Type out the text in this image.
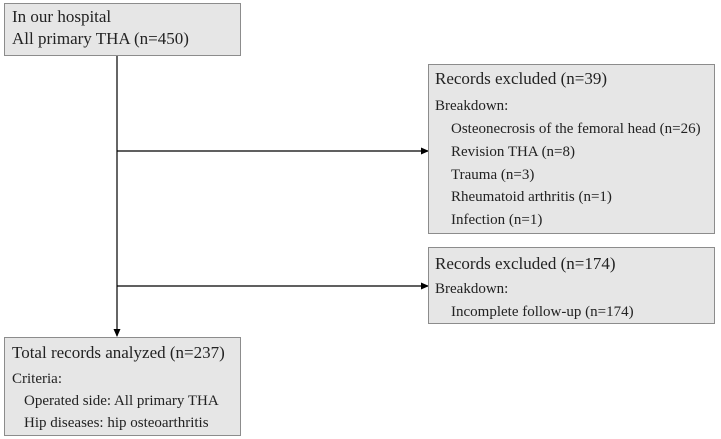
In our hospital
All primary THA (n=450)
Records excluded (n=39)
Breakdown:
Osteonecrosis of the femoral head (n=26)
Revision THA (n=8)
Trauma (n=3)
Rheumatoid arthritis (n=1)
Infection (n=1)
Records excluded (n=174)
Breakdown:
Incomplete follow-up (n=174)
Total records analyzed (n=237)
Criteria:
Operated side: All primary THA
Hip diseases: hip osteoarthritis
